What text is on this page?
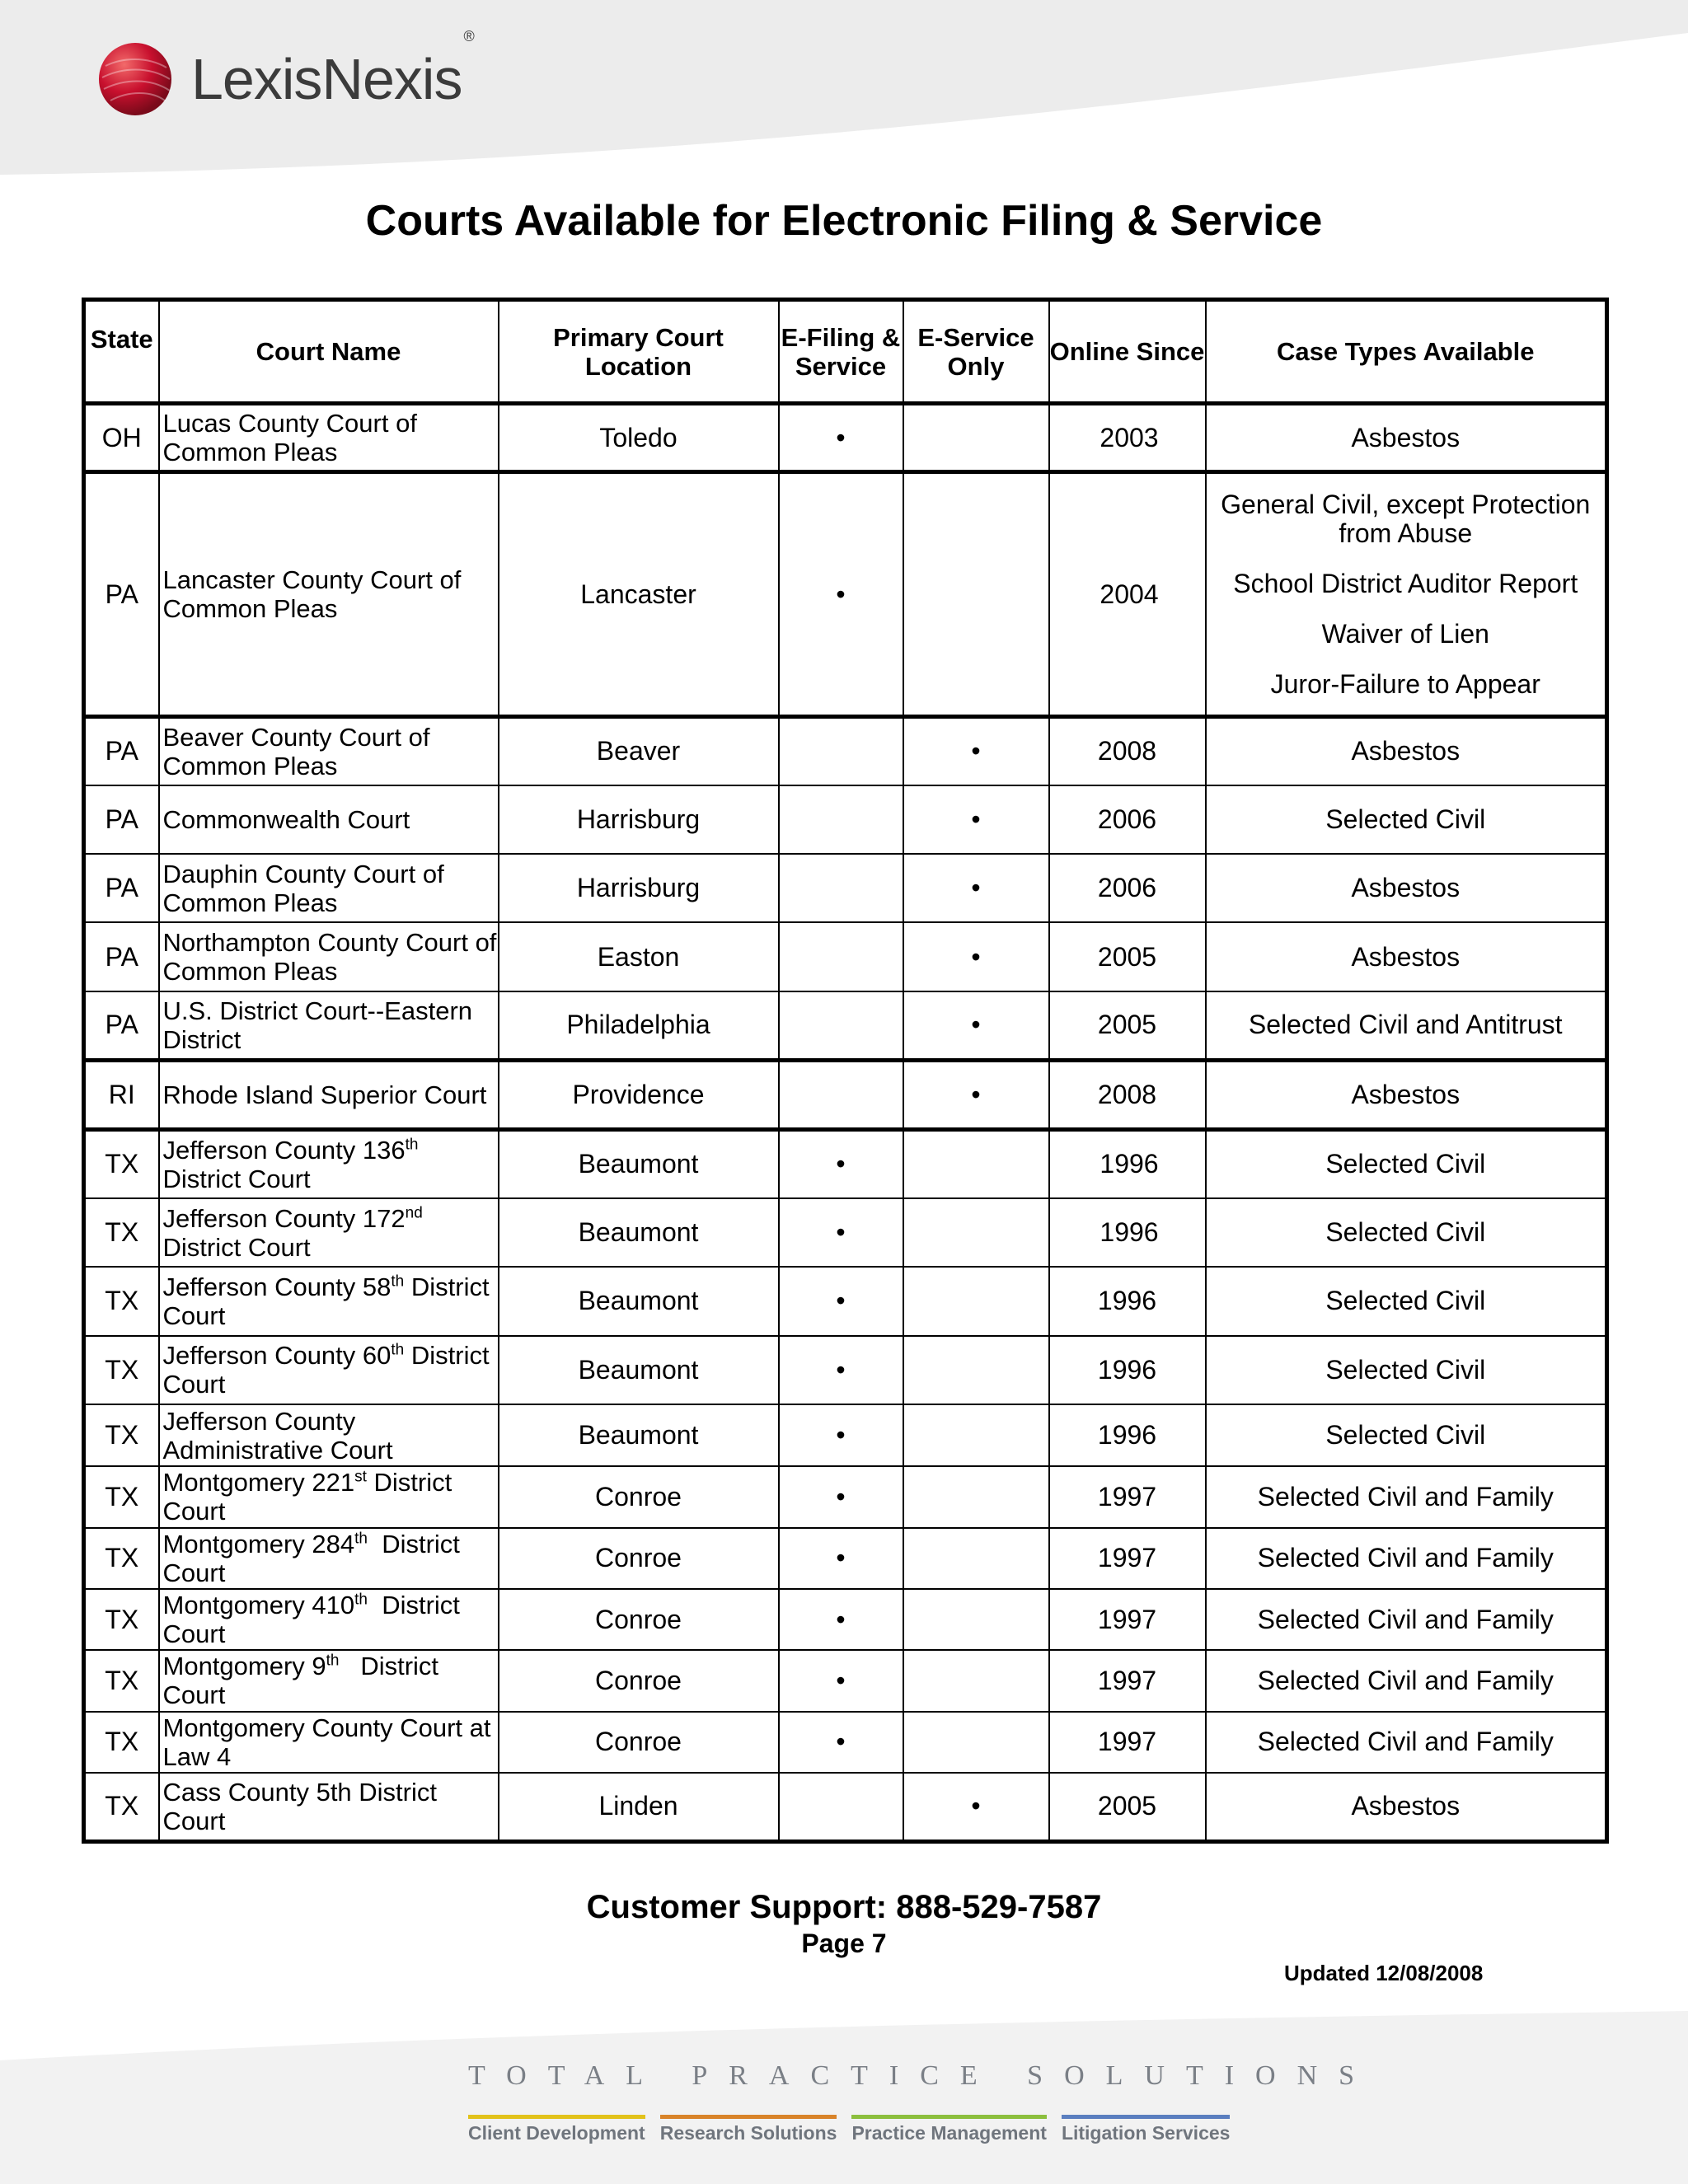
LexisNexis®
Courts Available for Electronic Filing & Service
State	Court Name	Primary Court Location	E-Filing & Service	E-Service Only	Online Since	Case Types Available
OH	Lucas County Court of Common Pleas	Toledo	•		2003	Asbestos
PA	Lancaster County Court of Common Pleas	Lancaster	•		2004	General Civil, except Protection from Abuse
School District Auditor Report
Waiver of Lien
Juror-Failure to Appear

PA	Beaver County Court of Common Pleas	Beaver		•	2008	Asbestos
PA	Commonwealth Court	Harrisburg		•	2006	Selected Civil
PA	Dauphin County Court of Common Pleas	Harrisburg		•	2006	Asbestos
PA	Northampton County Court of Common Pleas	Easton		•	2005	Asbestos
PA	U.S. District Court--Eastern District	Philadelphia		•	2005	Selected Civil and Antitrust
RI	Rhode Island Superior Court	Providence		•	2008	Asbestos
TX	Jefferson County 136th District Court	Beaumont	•		1996	Selected Civil
TX	Jefferson County 172nd District Court	Beaumont	•		1996	Selected Civil
TX	Jefferson County 58th District Court	Beaumont	•		1996	Selected Civil
TX	Jefferson County 60th District Court	Beaumont	•		1996	Selected Civil
TX	Jefferson County Administrative Court	Beaumont	•		1996	Selected Civil
TX	Montgomery 221st District Court	Conroe	•		1997	Selected Civil and Family
TX	Montgomery 284th  District Court	Conroe	•		1997	Selected Civil and Family
TX	Montgomery 410th  District Court	Conroe	•		1997	Selected Civil and Family
TX	Montgomery 9th   District Court	Conroe	•		1997	Selected Civil and Family
TX	Montgomery County Court at Law 4	Conroe	•		1997	Selected Civil and Family
TX	Cass County 5th District Court	Linden		•	2005	Asbestos
Customer Support: 888-529-7587
Page 7
Updated 12/08/2008
TOTAL PRACTICE SOLUTIONS
Client Development Research Solutions Practice Management Litigation Services
